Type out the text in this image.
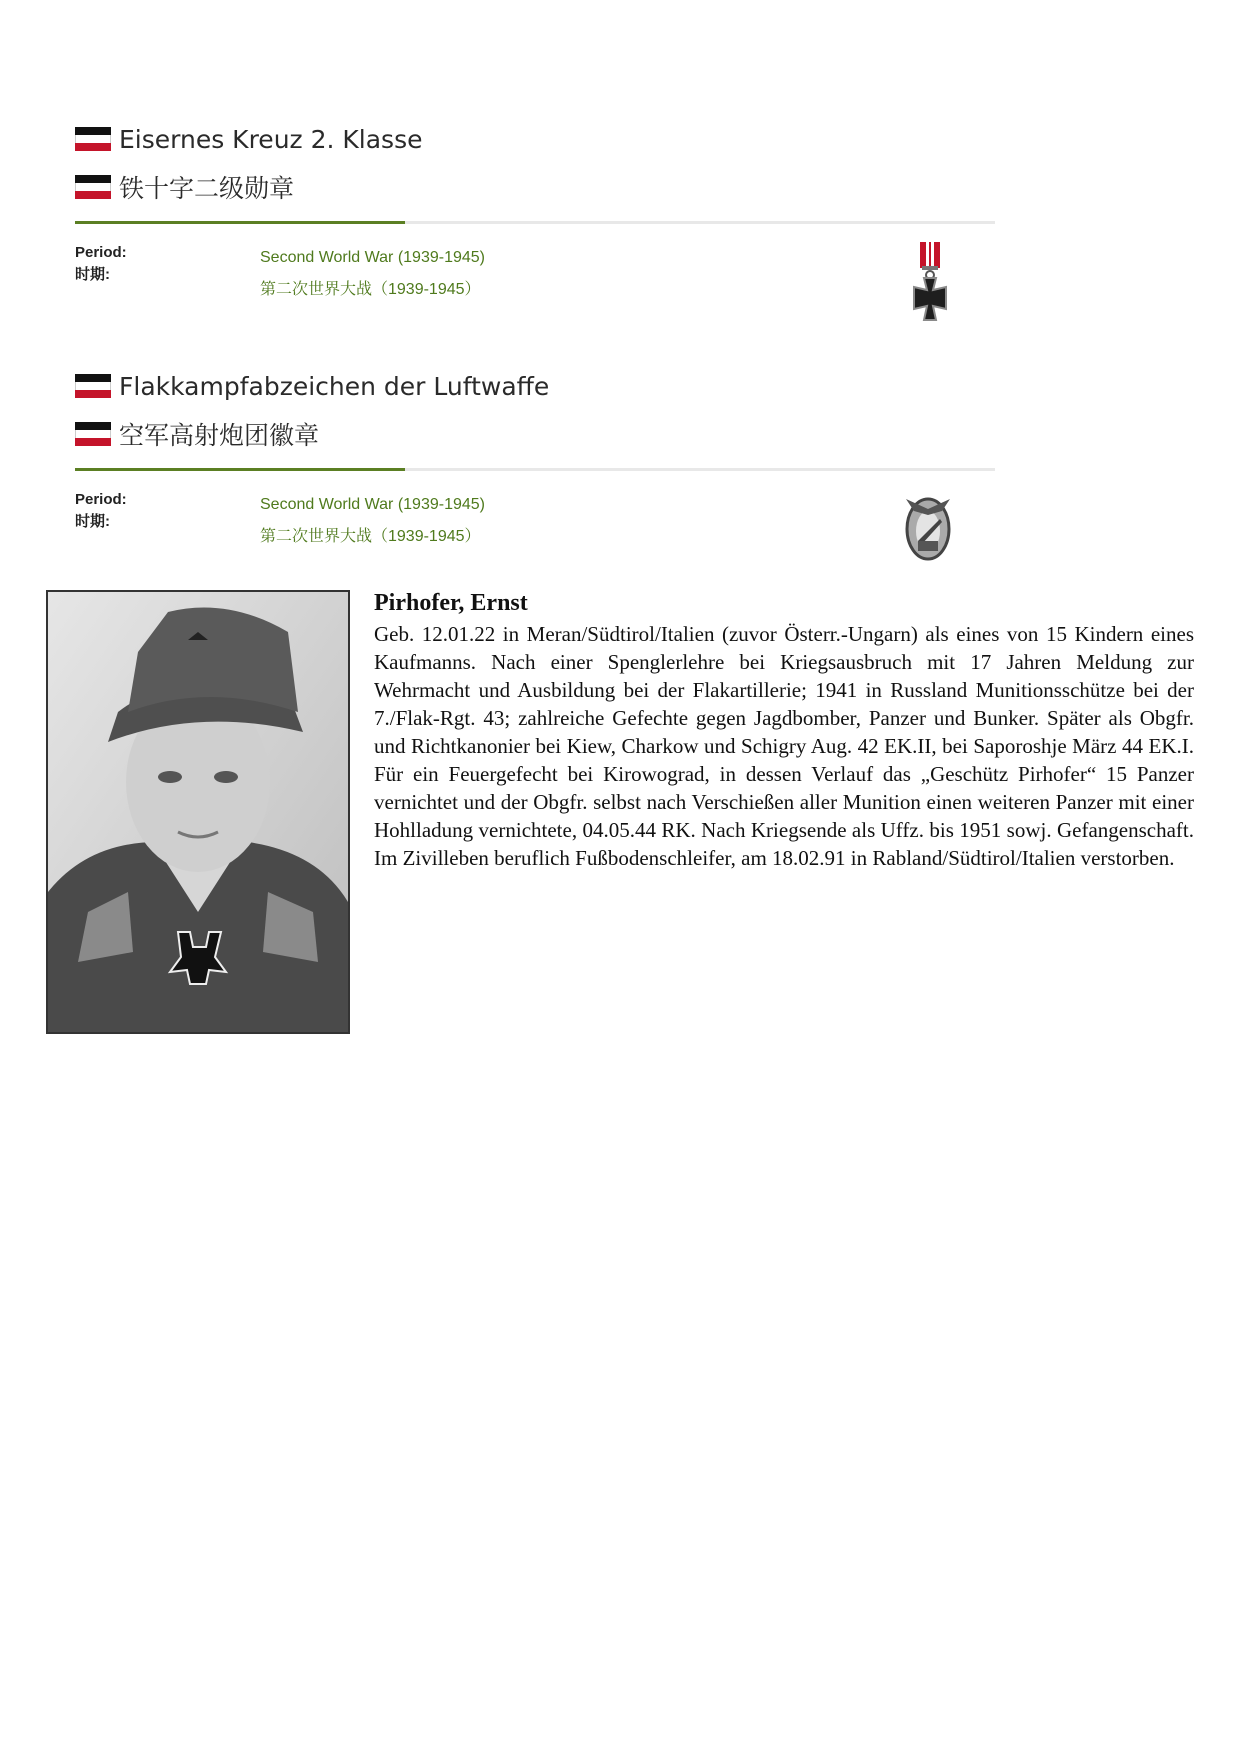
Eisernes Kreuz 2. Klasse
铁十字二级勋章
Period:
时期:
Second World War (1939-1945)
第二次世界大战（1939-1945）
Flakkampfabzeichen der Luftwaffe
空军高射炮团徽章
Period:
时期:
Second World War (1939-1945)
第二次世界大战（1939-1945）
Pirhofer, Ernst
Geb. 12.01.22 in Meran/Südtirol/Italien (zuvor Österr.-Ungarn) als eines von 15 Kindern eines Kaufmanns. Nach einer Spenglerlehre bei Kriegsausbruch mit 17 Jahren Meldung zur Wehrmacht und Ausbildung bei der Flakartillerie; 1941 in Russland Munitionsschütze bei der 7./Flak-Rgt. 43; zahlreiche Gefechte gegen Jagdbomber, Panzer und Bunker. Später als Obgfr. und Richtkanonier bei Kiew, Charkow und Schigry Aug. 42 EK.II, bei Saporoshje März 44 EK.I. Für ein Feuergefecht bei Kirowograd, in dessen Verlauf das „Geschütz Pirhofer“ 15 Panzer vernichtet und der Obgfr. selbst nach Verschießen aller Munition einen weiteren Panzer mit einer Hohlladung vernichtete, 04.05.44 RK. Nach Kriegsende als Uffz. bis 1951 sowj. Gefangenschaft. Im Zivilleben beruflich Fußbodenschleifer, am 18.02.91 in Rabland/Südtirol/Italien verstorben.
